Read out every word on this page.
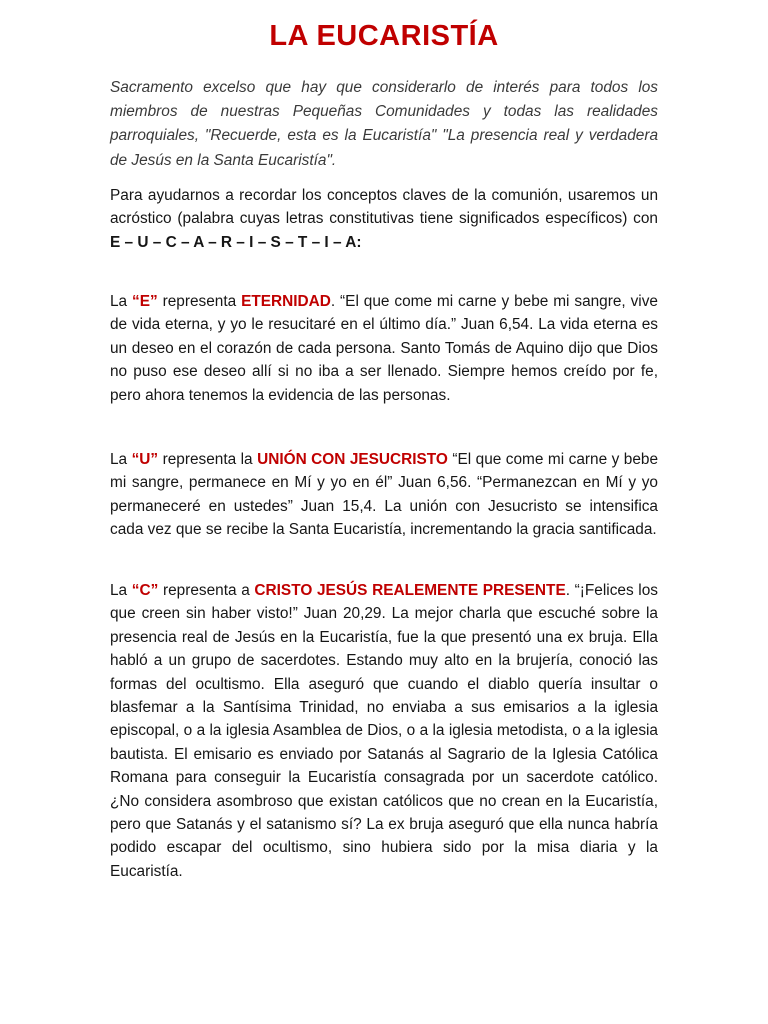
LA EUCARISTÍA

Sacramento excelso que hay que considerarlo de interés para todos los miembros de nuestras Pequeñas Comunidades y todas las realidades parroquiales, "Recuerde, esta es la Eucaristía" "La presencia real y verdadera de Jesús en la Santa Eucaristía".

Para ayudarnos a recordar los conceptos claves de la comunión, usaremos un acróstico (palabra cuyas letras constitutivas tiene significados específicos) con E – U – C – A – R – I – S – T – I – A:

La “E” representa ETERNIDAD. “El que come mi carne y bebe mi sangre, vive de vida eterna, y yo le resucitaré en el último día.” Juan 6,54. La vida eterna es un deseo en el corazón de cada persona. Santo Tomás de Aquino dijo que Dios no puso ese deseo allí si no iba a ser llenado. Siempre hemos creído por fe, pero ahora tenemos la evidencia de las personas.

La “U” representa la UNIÓN CON JESUCRISTO “El que come mi carne y bebe mi sangre, permanece en Mí y yo en él” Juan 6,56. “Permanezcan en Mí y yo permaneceré en ustedes” Juan 15,4. La unión con Jesucristo se intensifica cada vez que se recibe la Santa Eucaristía, incrementando la gracia santificada.

La “C” representa a CRISTO JESÚS REALEMENTE PRESENTE. “¡Felices los que creen sin haber visto!” Juan 20,29. La mejor charla que escuché sobre la presencia real de Jesús en la Eucaristía, fue la que presentó una ex bruja. Ella habló a un grupo de sacerdotes. Estando muy alto en la brujería, conoció las formas del ocultismo. Ella aseguró que cuando el diablo quería insultar o blasfemar a la Santísima Trinidad, no enviaba a sus emisarios a la iglesia episcopal, o a la iglesia Asamblea de Dios, o a la iglesia metodista, o a la iglesia bautista. El emisario es enviado por Satanás al Sagrario de la Iglesia Católica Romana para conseguir la Eucaristía consagrada por un sacerdote católico. ¿No considera asombroso que existan católicos que no crean en la Eucaristía, pero que Satanás y el satanismo sí? La ex bruja aseguró que ella nunca habría podido escapar del ocultismo, sino hubiera sido por la misa diaria y la Eucaristía.
